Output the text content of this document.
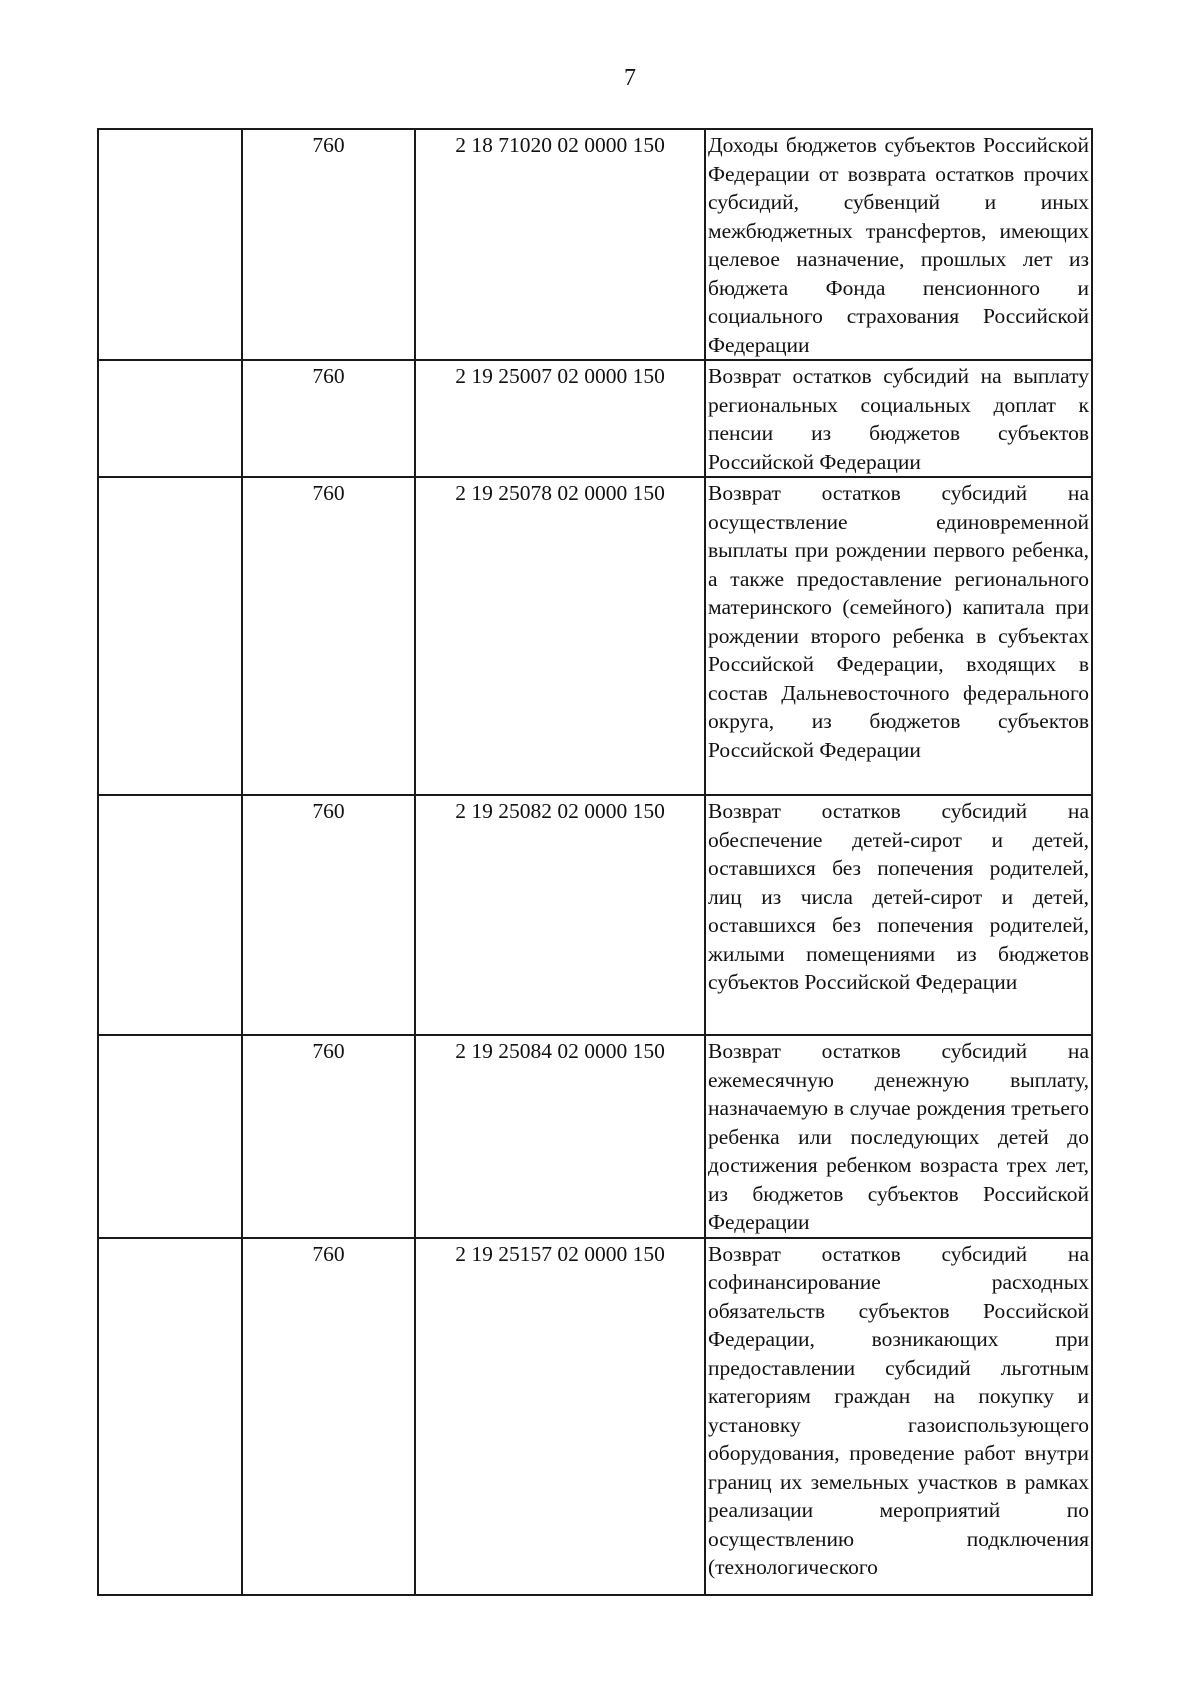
7
	760	2 18 71020 02 0000 150	Доходы бюджетов субъектов Российской Федерации от возврата остатков прочих субсидий, субвенций и иных межбюджетных трансфертов, имеющих целевое назначение, прошлых лет из бюджета Фонда пенсионного и социального страхования Российской Федерации

	760	2 19 25007 02 0000 150	Возврат остатков субсидий на выплату региональных социальных доплат к пенсии из бюджетов субъектов Российской Федерации

	760	2 19 25078 02 0000 150	Возврат остатков субсидий на осуществление единовременной выплаты при рождении первого ребенка, а также предоставление регионального материнского (семейного) капитала при рождении второго ребенка в субъектах Российской Федерации, входящих в состав Дальневосточного федерального округа, из бюджетов субъектов Российской Федерации

	760	2 19 25082 02 0000 150	Возврат остатков субсидий на обеспечение детей-сирот и детей, оставшихся без попечения родителей, лиц из числа детей-сирот и детей, оставшихся без попечения родителей, жилыми помещениями из бюджетов субъектов Российской Федерации

	760	2 19 25084 02 0000 150	Возврат остатков субсидий на ежемесячную денежную выплату, назначаемую в случае рождения третьего ребенка или последующих детей до достижения ребенком возраста трех лет, из бюджетов субъектов Российской Федерации

	760	2 19 25157 02 0000 150	Возврат остатков субсидий на софинансирование расходных обязательств субъектов Российской Федерации, возникающих при предоставлении субсидий льготным категориям граждан на покупку и установку газоиспользующего оборудования, проведение работ внутри границ их земельных участков в рамках реализации мероприятий по осуществлению подключения (технологического
